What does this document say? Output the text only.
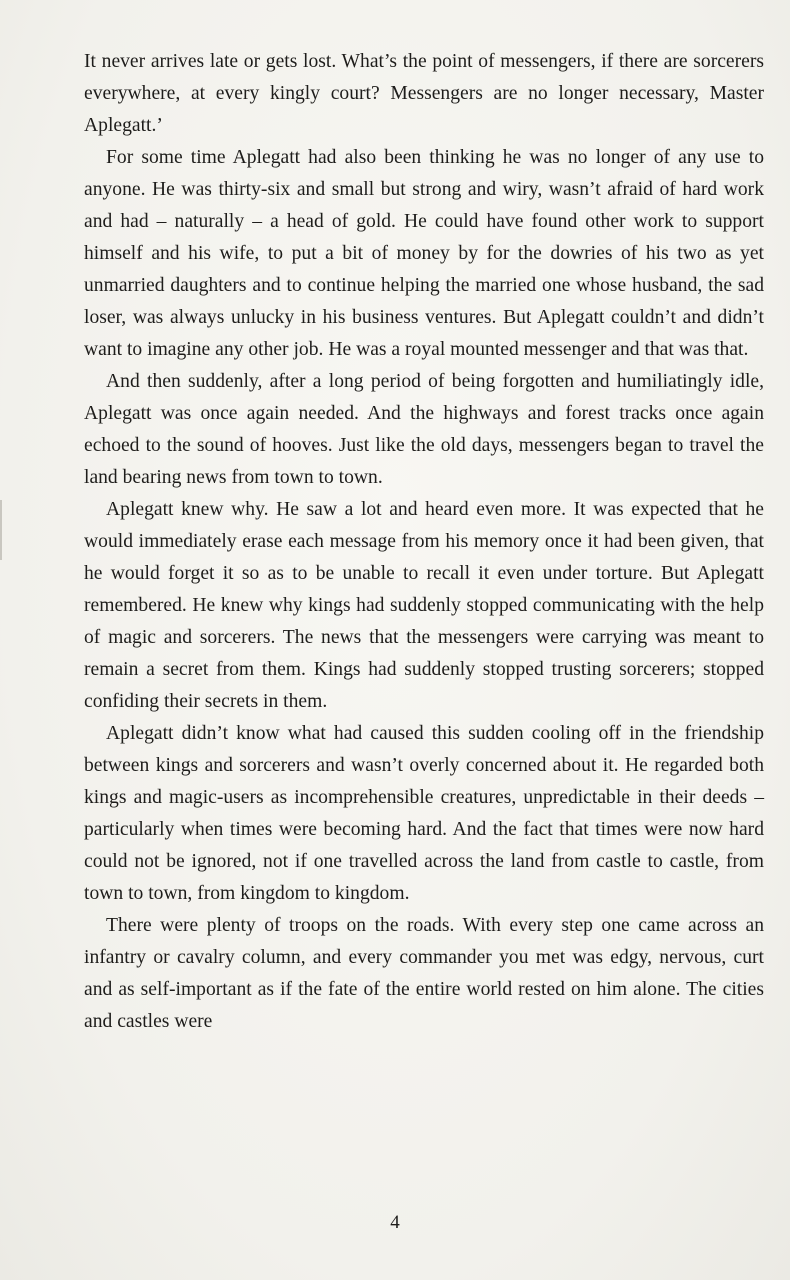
It never arrives late or gets lost. What’s the point of messengers, if there are sorcerers everywhere, at every kingly court? Messengers are no longer necessary, Master Aplegatt.’

For some time Aplegatt had also been thinking he was no longer of any use to anyone. He was thirty-six and small but strong and wiry, wasn’t afraid of hard work and had – naturally – a head of gold. He could have found other work to support himself and his wife, to put a bit of money by for the dowries of his two as yet unmarried daughters and to continue helping the married one whose husband, the sad loser, was always unlucky in his business ventures. But Aplegatt couldn’t and didn’t want to imagine any other job. He was a royal mounted messenger and that was that.

And then suddenly, after a long period of being forgotten and humiliatingly idle, Aplegatt was once again needed. And the highways and forest tracks once again echoed to the sound of hooves. Just like the old days, messengers began to travel the land bearing news from town to town.

Aplegatt knew why. He saw a lot and heard even more. It was expected that he would immediately erase each message from his memory once it had been given, that he would forget it so as to be unable to recall it even under torture. But Aplegatt remembered. He knew why kings had suddenly stopped communicating with the help of magic and sorcerers. The news that the messengers were carrying was meant to remain a secret from them. Kings had suddenly stopped trusting sorcerers; stopped confiding their secrets in them.

Aplegatt didn’t know what had caused this sudden cooling off in the friendship between kings and sorcerers and wasn’t overly concerned about it. He regarded both kings and magic-users as incomprehensible creatures, unpredictable in their deeds – particularly when times were becoming hard. And the fact that times were now hard could not be ignored, not if one travelled across the land from castle to castle, from town to town, from kingdom to kingdom.

There were plenty of troops on the roads. With every step one came across an infantry or cavalry column, and every commander you met was edgy, nervous, curt and as self-important as if the fate of the entire world rested on him alone. The cities and castles were

4
